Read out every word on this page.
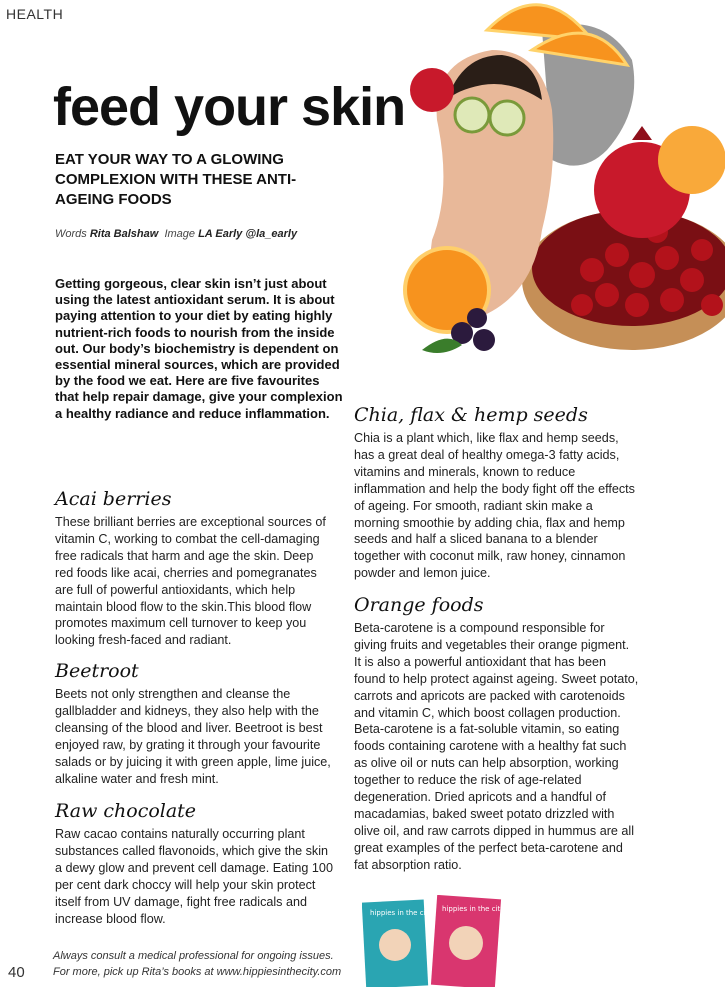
HEALTH
feed your skin
EAT YOUR WAY TO A GLOWING COMPLEXION WITH THESE ANTI-AGEING FOODS
Words Rita Balshaw Image LA Early @la_early
Getting gorgeous, clear skin isn’t just about using the latest antioxidant serum. It is about paying attention to your diet by eating highly nutrient-rich foods to nourish from the inside out. Our body’s biochemistry is dependent on essential mineral sources, which are provided by the food we eat. Here are five favourites that help repair damage, give your complexion a healthy radiance and reduce inflammation.
Acai berries
These brilliant berries are exceptional sources of vitamin C, working to combat the cell-damaging free radicals that harm and age the skin. Deep red foods like acai, cherries and pomegranates are full of powerful antioxidants, which help maintain blood flow to the skin.This blood flow promotes maximum cell turnover to keep you looking fresh-faced and radiant.
Beetroot
Beets not only strengthen and cleanse the gallbladder and kidneys, they also help with the cleansing of the blood and liver. Beetroot is best enjoyed raw, by grating it through your favourite salads or by juicing it with green apple, lime juice, alkaline water and fresh mint.
Raw chocolate
Raw cacao contains naturally occurring plant substances called flavonoids, which give the skin a dewy glow and prevent cell damage. Eating 100 per cent dark choccy will help your skin protect itself from UV damage, fight free radicals and increase blood flow.
Chia, flax & hemp seeds
Chia is a plant which, like flax and hemp seeds, has a great deal of healthy omega-3 fatty acids, vitamins and minerals, known to reduce inflammation and help the body fight off the effects of ageing. For smooth, radiant skin make a morning smoothie by adding chia, flax and hemp seeds and half a sliced banana to a blender together with coconut milk, raw honey, cinnamon powder and lemon juice.
Orange foods
Beta-carotene is a compound responsible for giving fruits and vegetables their orange pigment. It is also a powerful antioxidant that has been found to help protect against ageing. Sweet potato, carrots and apricots are packed with carotenoids and vitamin C, which boost collagen production. Beta-carotene is a fat-soluble vitamin, so eating foods containing carotene with a healthy fat such as olive oil or nuts can help absorption, working together to reduce the risk of age-related degeneration. Dried apricots and a handful of macadamias, baked sweet potato drizzled with olive oil, and raw carrots dipped in hummus are all great examples of the perfect beta-carotene and fat absorption ratio.
Always consult a medical professional for ongoing issues.
For more, pick up Rita’s books at www.hippiesinthecity.com
40
hippies in the city hippies in the city
